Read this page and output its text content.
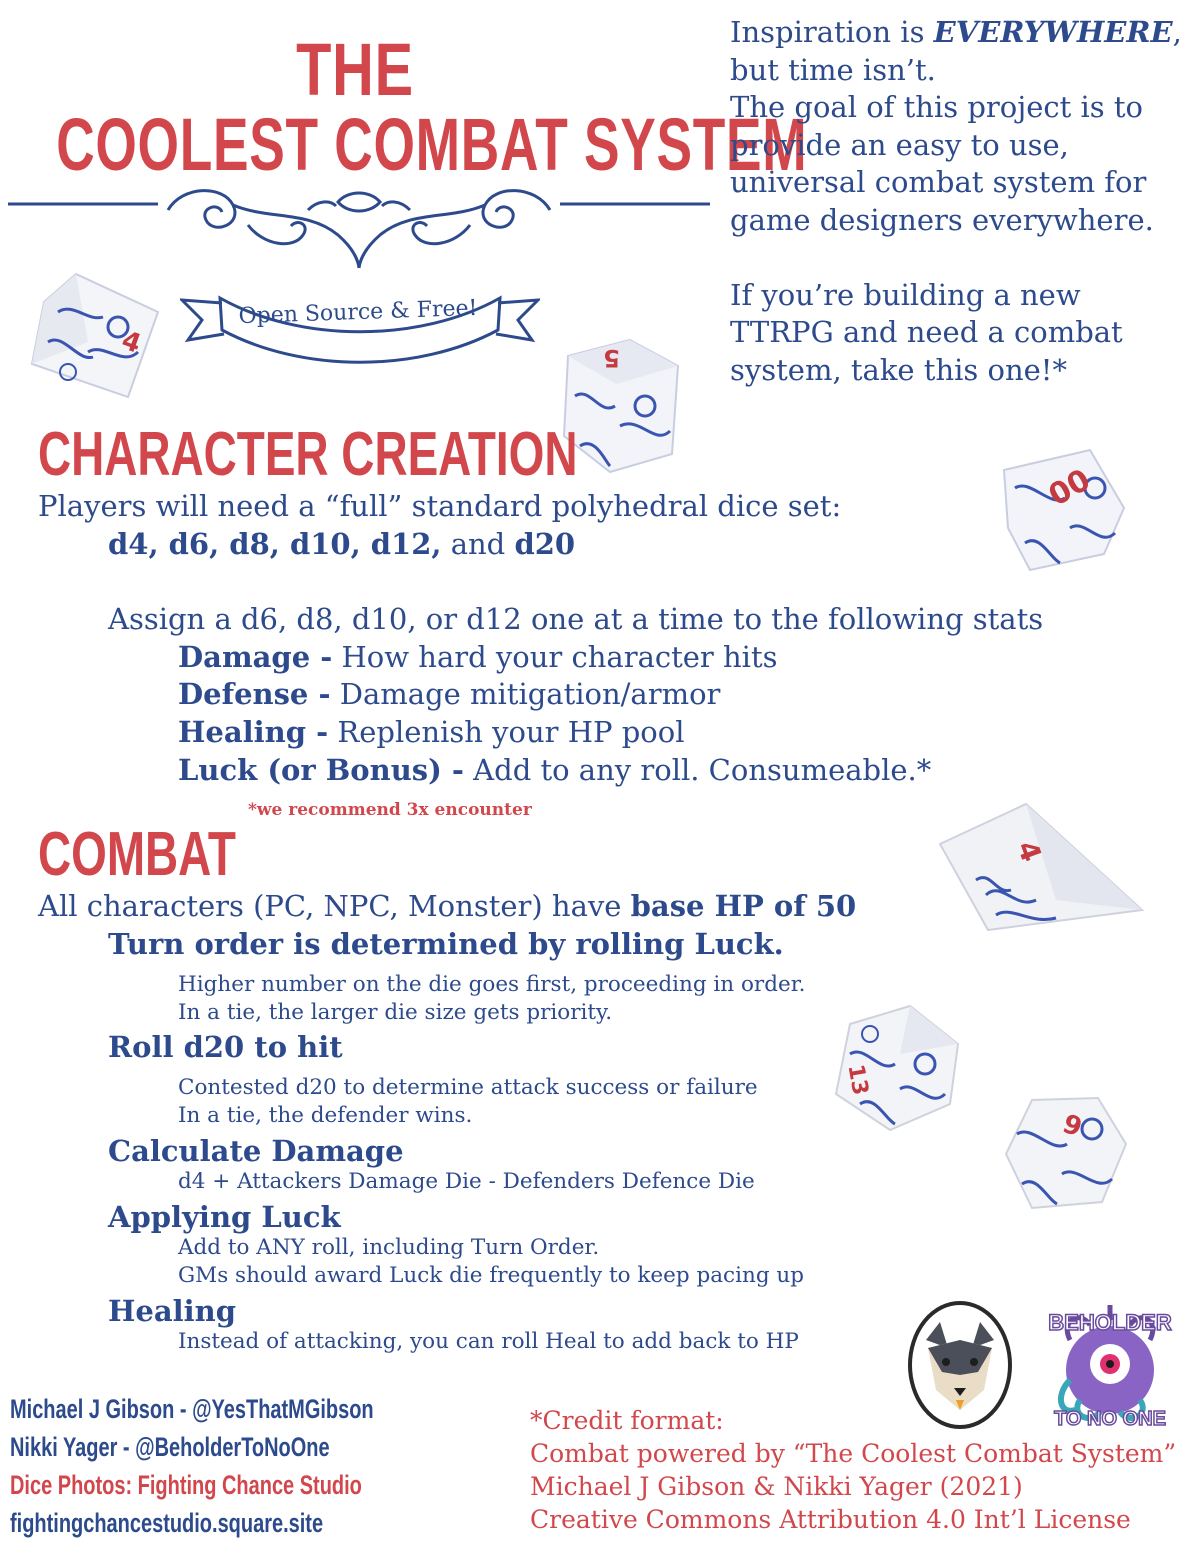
THE
COOLEST COMBAT SYSTEM
Open Source & Free!

Inspiration is EVERYWHERE,

but time isn’t.

The goal of this project is to

provide an easy to use,

universal combat system for

game designers everywhere.

If you’re building a new

TTRPG and need a combat

system, take this one!*

4	5
00
4
13
9
CHARACTER CREATION
Players will need a “full” standard polyhedral dice set:
d4, d6, d8, d10, d12, and d20
Assign a d6, d8, d10, or d12 one at a time to the following stats
Damage - How hard your character hits
Defense - Damage mitigation/armor
Healing - Replenish your HP pool
Luck (or Bonus) - Add to any roll. Consumeable.*
*we recommend 3x encounter
COMBAT
All characters (PC, NPC, Monster) have base HP of 50
Turn order is determined by rolling Luck.
Higher number on the die goes first, proceeding in order.
In a tie, the larger die size gets priority.
Roll d20 to hit
Contested d20 to determine attack success or failure
In a tie, the defender wins.
Calculate Damage
d4 + Attackers Damage Die - Defenders Defence Die
Applying Luck
Add to ANY roll, including Turn Order.
GMs should award Luck die frequently to keep pacing up
Healing
Instead of attacking, you can roll Heal to add back to HP
BEHOLDER
TO NO ONE
Michael J Gibson - @YesThatMGibson
Nikki Yager - @BeholderToNoOne
Dice Photos: Fighting Chance Studio
fightingchancestudio.square.site
*Credit format:
Combat powered by “The Coolest Combat System”
Michael J Gibson & Nikki Yager (2021)
Creative Commons Attribution 4.0 Int’l License
